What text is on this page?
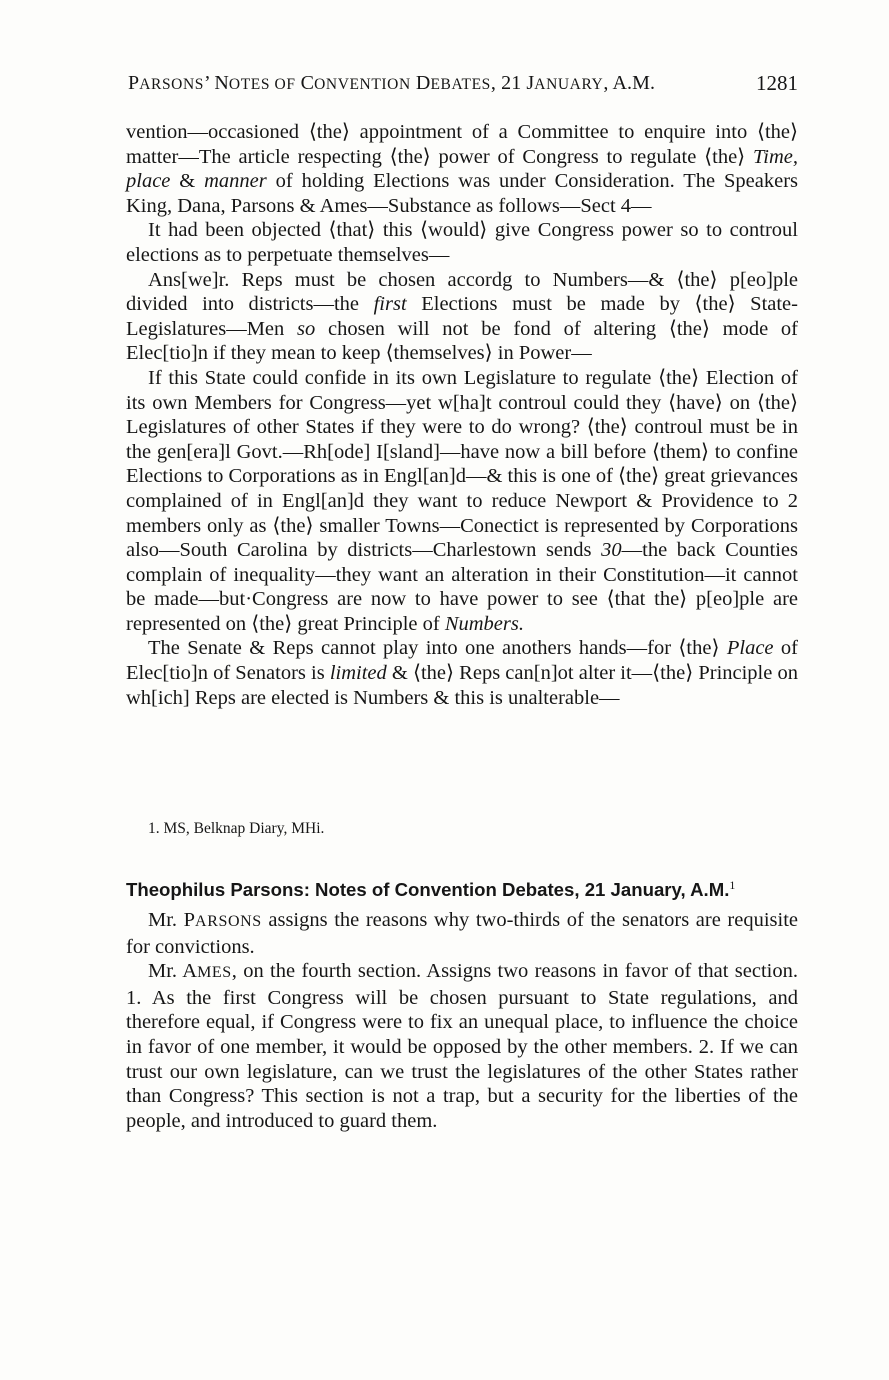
PARSONS’ NOTES OF CONVENTION DEBATES, 21 JANUARY, A.M.	1281

vention—occasioned ⟨the⟩ appointment of a Committee to enquire into ⟨the⟩ matter—The article respecting ⟨the⟩ power of Congress to regulate ⟨the⟩ Time, place & manner of holding Elections was under Consideration. The Speakers King, Dana, Parsons & Ames—Substance as follows—Sect 4—

It had been objected ⟨that⟩ this ⟨would⟩ give Congress power so to controul elections as to perpetuate themselves—

Ans[we]r. Reps must be chosen accordg to Numbers—& ⟨the⟩ p[eo]ple divided into districts—the first Elections must be made by ⟨the⟩ State-Legislatures—Men so chosen will not be fond of altering ⟨the⟩ mode of Elec[tio]n if they mean to keep ⟨themselves⟩ in Power—

If this State could confide in its own Legislature to regulate ⟨the⟩ Election of its own Members for Congress—yet w[ha]t controul could they ⟨have⟩ on ⟨the⟩ Legislatures of other States if they were to do wrong? ⟨the⟩ controul must be in the gen[era]l Govt.—Rh[ode] I[sland]—have now a bill before ⟨them⟩ to confine Elections to Corporations as in Engl[an]d—& this is one of ⟨the⟩ great grievances complained of in Engl[an]d they want to reduce Newport & Providence to 2 members only as ⟨the⟩ smaller Towns—Conectict is represented by Corporations also—South Carolina by districts—Charlestown sends 30—the back Counties complain of inequality—they want an alteration in their Constitution—it cannot be made—but·Congress are now to have power to see ⟨that the⟩ p[eo]ple are represented on ⟨the⟩ great Principle of Numbers.

The Senate & Reps cannot play into one anothers hands—for ⟨the⟩ Place of Elec[tio]n of Senators is limited & ⟨the⟩ Reps can[n]ot alter it—⟨the⟩ Principle on wh[ich] Reps are elected is Numbers & this is unalterable—

1. MS, Belknap Diary, MHi.
Theophilus Parsons: Notes of Convention Debates, 21 January, A.M.$^1$

Mr. PARSONS assigns the reasons why two-thirds of the senators are requisite for convictions.

Mr. AMES, on the fourth section. Assigns two reasons in favor of that section. 1. As the first Congress will be chosen pursuant to State regulations, and therefore equal, if Congress were to fix an unequal place, to influence the choice in favor of one member, it would be opposed by the other members. 2. If we can trust our own legislature, can we trust the legislatures of the other States rather than Congress? This section is not a trap, but a security for the liberties of the people, and introduced to guard them.
